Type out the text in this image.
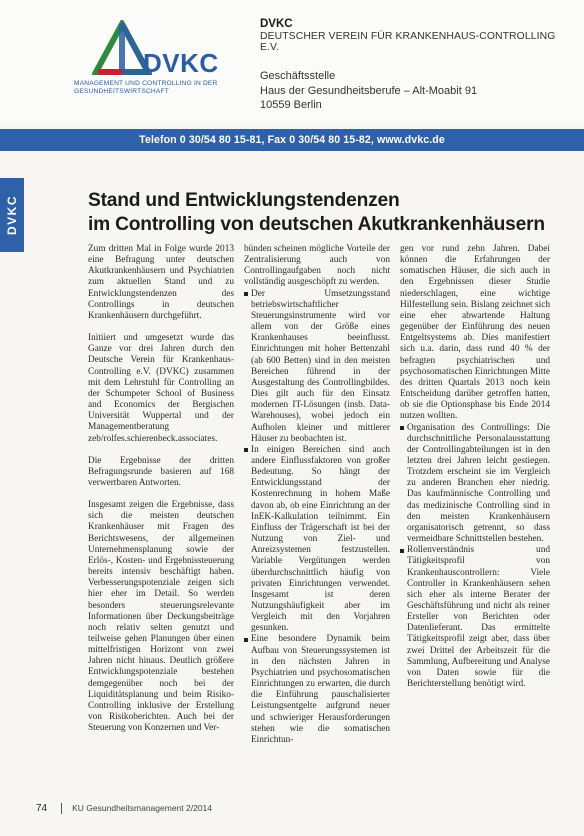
DVKC
MANAGEMENT UND CONTROLLING IN DER GESUNDHEITSWIRTSCHAFT
DVKC
DEUTSCHER VEREIN FÜR KRANKENHAUS-CONTROLLING E.V.
Geschäftsstelle
Haus der Gesundheitsberufe – Alt-Moabit 91
10559 Berlin
Telefon 0 30/54 80 15-81, Fax 0 30/54 80 15-82, www.dvkc.de
DVKC	Stand und Entwicklungstendenzen
im Controlling von deutschen Akutkrankenhäusern

Zum dritten Mal in Folge wurde 2013 eine Befragung unter deutschen Akutkrankenhäusern und Psychiatrien zum aktuellen Stand und zu Entwicklungstendenzen des Controllings in deutschen Krankenhäusern durchgeführt.

Initiiert und umgesetzt wurde das Ganze vor drei Jahren durch den Deutsche Verein für Krankenhaus-Controlling e.V. (DVKC) zusammen mit dem Lehrstuhl für Controlling an der Schumpeter School of Business and Economics der Bergischen Universität Wuppertal und der Managementberatung zeb/rolfes.schierenbeck.associates.

Die Ergebnisse der dritten Befragungsrunde basieren auf 168 verwertbaren Antworten.

Insgesamt zeigen die Ergebnisse, dass sich die meisten deutschen Krankenhäuser mit Fragen des Berichtswesens, der allgemeinen Unternehmensplanung sowie der Erlös-, Kosten- und Ergebnissteuerung bereits intensiv beschäftigt haben. Verbesserungspotenziale zeigen sich hier eher im Detail. So werden besonders steuerungsrelevante Informationen über Deckungsbeiträge noch relativ selten genutzt und teilweise gehen Planungen über einen mittelfristigen Horizont von zwei Jahren nicht hinaus. Deutlich größere Entwicklungspotenziale bestehen demgegenüber noch bei der Liquiditätsplanung und beim Risiko-Controlling inklusive der Erstellung von Risikoberichten. Auch bei der Steuerung von Konzernen und Ver-

bünden scheinen mögliche Vorteile der Zentralisierung auch von Controllingaufgaben noch nicht vollständig ausgeschöpft zu werden.

Der Umsetzungsstand betriebswirtschaftlicher Steuerungsinstrumente wird vor allem von der Größe eines Krankenhauses beeinflusst. Einrichtungen mit hoher Bettenzahl (ab 600 Betten) sind in den meisten Bereichen führend in der Ausgestaltung des Controllingbildes. Dies gilt auch für den Einsatz modernen IT-Lösungen (insb. Data-Warehouses), wobei jedoch ein Aufholen kleiner und mittlerer Häuser zu beobachten ist.
In einigen Bereichen sind auch andere Einflussfaktoren von großer Bedeutung. So hängt der Entwicklungsstand der Kostenrechnung in hohem Maße davon ab, ob eine Einrichtung an der InEK-Kalkulation teilnimmt. Ein Einfluss der Trägerschaft ist bei der Nutzung von Ziel- und Anreizsystemen festzustellen. Variable Vergütungen werden überdurchschnittlich häufig von privaten Einrichtungen verwendet. Insgesamt ist deren Nutzungshäufigkeit aber im Vergleich mit den Vorjahren gesunken.
Eine besondere Dynamik beim Aufbau von Steuerungssystemen ist in den nächsten Jahren in Psychiatrien und psychosomatischen Einrichtungen zu erwarten, die durch die Einführung pauschalisierter Leistungsentgelte aufgrund neuer und schwieriger Herausforderungen stehen wie die somatischen Einrichtun-

gen vor rund zehn Jahren. Dabei können die Erfahrungen der somatischen Häuser, die sich auch in den Ergebnissen dieser Studie niederschlagen, eine wichtige Hilfestellung sein. Bislang zeichnet sich eine eher abwartende Haltung gegenüber der Einführung des neuen Entgeltsystems ab. Dies manifestiert sich u.a. darin, dass rund 40 % der befragten psychiatrischen und psychosomatischen Einrichtungen Mitte des dritten Quartals 2013 noch kein Entscheidung darüber getroffen hatten, ob sie die Optionsphase bis Ende 2014 nutzen wollten.

Organisation des Controllings: Die durchschnittliche Personalausstattung der Controllingabteilungen ist in den letzten drei Jahren leicht gestiegen. Trotzdem erscheint sie im Vergleich zu anderen Branchen eher niedrig. Das kaufmännische Controlling und das medizinische Controlling sind in den meisten Krankenhäusern organisatorisch getrennt, so dass vermeidbare Schnittstellen bestehen.
Rollenverständnis und Tätigkeitsprofil von Krankenhauscontrollern: Viele Controller in Krankenhäusern sehen sich eher als interne Berater der Geschäftsführung und nicht als reiner Ersteller von Berichten oder Datenlieferant. Das ermittelte Tätigkeitsprofil zeigt aber, dass über zwei Drittel der Arbeitszeit für die Sammlung, Aufbereitung und Analyse von Daten sowie für die Berichterstellung benötigt wird.
74	KU Gesundheitsmanagement 2/2014
